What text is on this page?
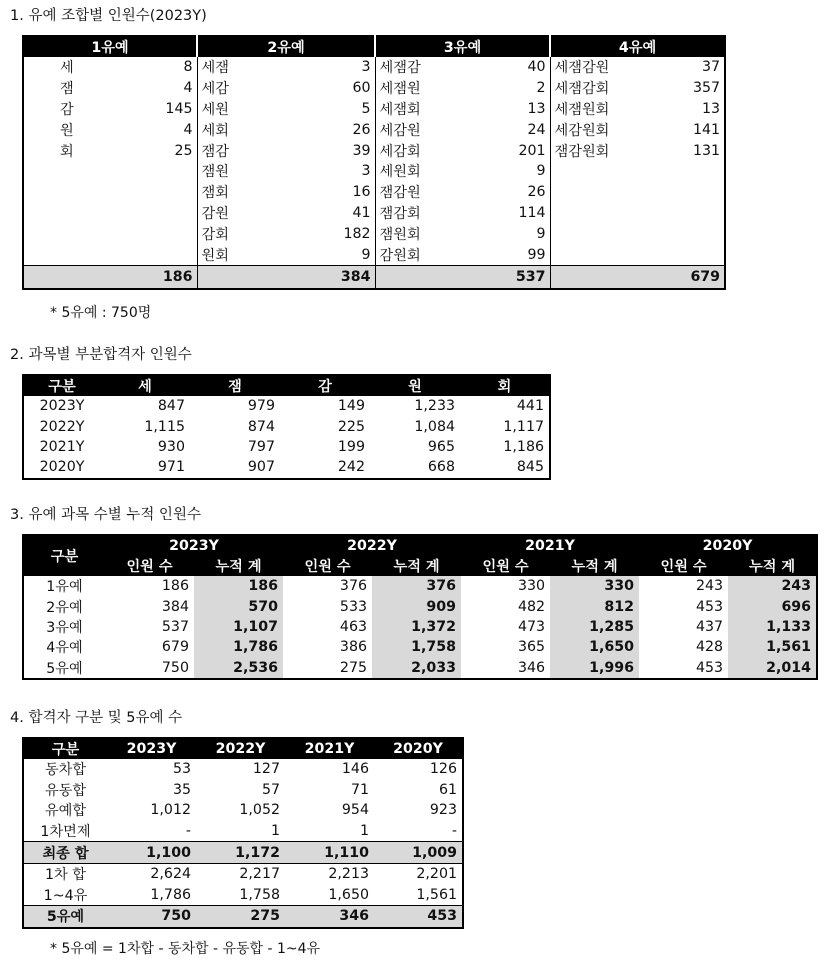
1. 유예 조합별 인원수(2023Y)
1유예		2유예		3유예		4유예	
세	8	세잼	3	세잼감	40	세잼감원	37
잼	4	세감	60	세잼원	2	세잼감회	357
감	145	세원	5	세잼회	13	세잼원회	13
원	4	세회	26	세감원	24	세감원회	141
회	25	잼감	39	세감회	201	잼감원회	131
		잼원	3	세원회	9		
		잼회	16	잼감원	26		
		감원	41	잼감회	114		
		감회	182	잼원회	9		
		원회	9	감원회	99		
	186		384		537		679
* 5유예 : 750명
2. 과목별 부분합격자 인원수
구분	세	잼	감	원	회
2023Y	847	979	149	1,233	441
2022Y	1,115	874	225	1,084	1,117
2021Y	930	797	199	965	1,186
2020Y	971	907	242	668	845
3. 유예 과목 수별 누적 인원수
구분	2023Y		2022Y		2021Y		2020Y	
	인원 수	누적 계	인원 수	누적 계	인원 수	누적 계	인원 수	누적 계
1유예	186	186	376	376	330	330	243	243
2유예	384	570	533	909	482	812	453	696
3유예	537	1,107	463	1,372	473	1,285	437	1,133
4유예	679	1,786	386	1,758	365	1,650	428	1,561
5유예	750	2,536	275	2,033	346	1,996	453	2,014
4. 합격자 구분 및 5유예 수
구분	2023Y	2022Y	2021Y	2020Y
동차합	53	127	146	126
유동합	35	57	71	61
유예합	1,012	1,052	954	923
1차면제	-	1	1	-
최종 합	1,100	1,172	1,110	1,009
1차 합	2,624	2,217	2,213	2,201
1~4유	1,786	1,758	1,650	1,561
5유예	750	275	346	453
* 5유예 = 1차합 - 동차합 - 유동합 - 1~4유
